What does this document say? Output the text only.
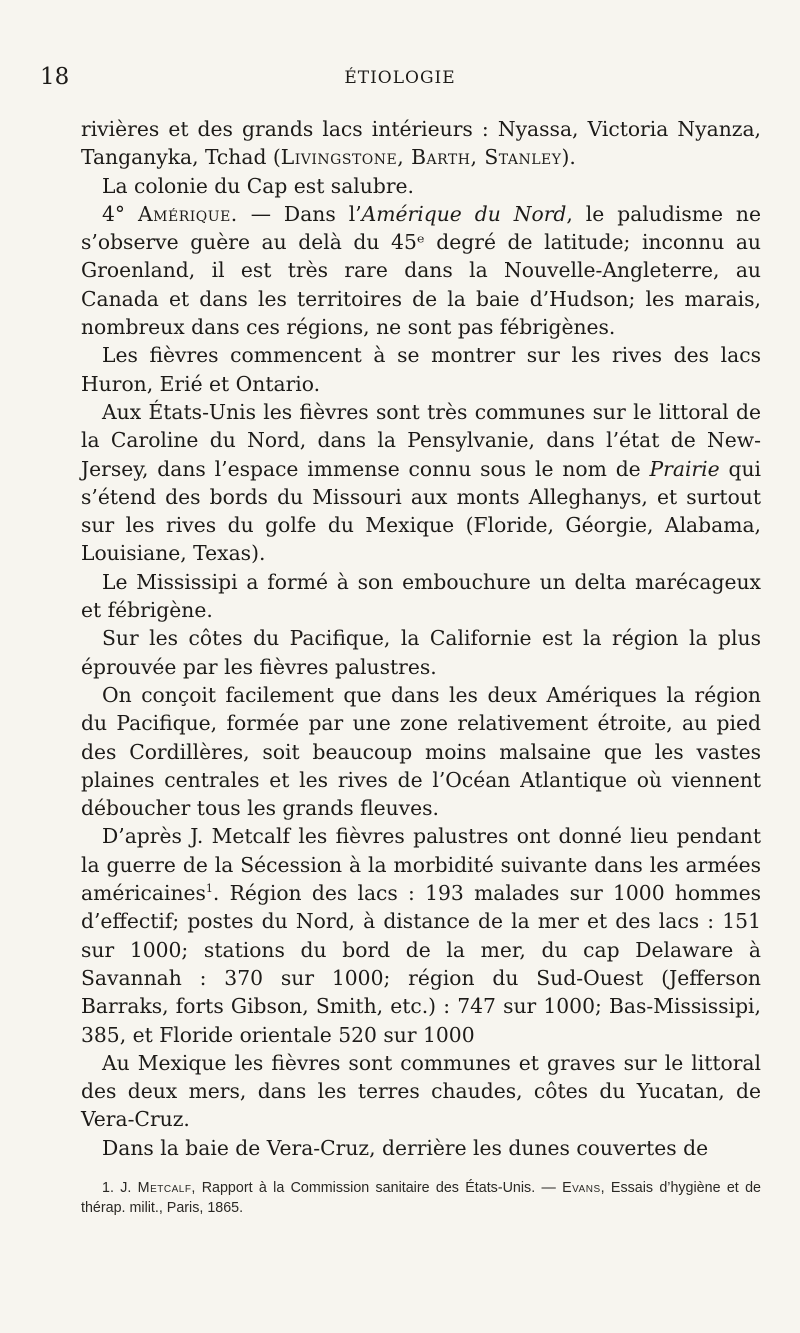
18	ÉTIOLOGIE

rivières et des grands lacs intérieurs : Nyassa, Victoria Nyanza, Tanganyka, Tchad (Livingstone, Barth, Stanley).

La colonie du Cap est salubre.

4° Amérique. — Dans l’Amérique du Nord, le paludisme ne s’observe guère au delà du 45ᵉ degré de latitude; inconnu au Groenland, il est très rare dans la Nouvelle-Angleterre, au Canada et dans les territoires de la baie d’Hudson; les marais, nombreux dans ces régions, ne sont pas fébrigènes.

Les fièvres commencent à se montrer sur les rives des lacs Huron, Erié et Ontario.

Aux États-Unis les fièvres sont très communes sur le littoral de la Caroline du Nord, dans la Pensylvanie, dans l’état de New-Jersey, dans l’espace immense connu sous le nom de Prairie qui s’étend des bords du Missouri aux monts Alleghanys, et surtout sur les rives du golfe du Mexique (Floride, Géorgie, Alabama, Louisiane, Texas).

Le Mississipi a formé à son embouchure un delta marécageux et fébrigène.

Sur les côtes du Pacifique, la Californie est la région la plus éprouvée par les fièvres palustres.

On conçoit facilement que dans les deux Amériques la région du Pacifique, formée par une zone relativement étroite, au pied des Cordillères, soit beaucoup moins malsaine que les vastes plaines centrales et les rives de l’Océan Atlantique où viennent déboucher tous les grands fleuves.

D’après J. Metcalf les fièvres palustres ont donné lieu pendant la guerre de la Sécession à la morbidité suivante dans les armées américaines$^1$. Région des lacs : 193 malades sur 1000 hommes d’effectif; postes du Nord, à distance de la mer et des lacs : 151 sur 1000; stations du bord de la mer, du cap Delaware à Savannah : 370 sur 1000; région du Sud-Ouest (Jefferson Barraks, forts Gibson, Smith, etc.) : 747 sur 1000; Bas-Mississipi, 385, et Floride orientale 520 sur 1000

Au Mexique les fièvres sont communes et graves sur le littoral des deux mers, dans les terres chaudes, côtes du Yucatan, de Vera-Cruz.

Dans la baie de Vera-Cruz, derrière les dunes couvertes de

1. J. Metcalf, Rapport à la Commission sanitaire des États-Unis. — Evans, Essais d’hygiène et de thérap. milit., Paris, 1865.
